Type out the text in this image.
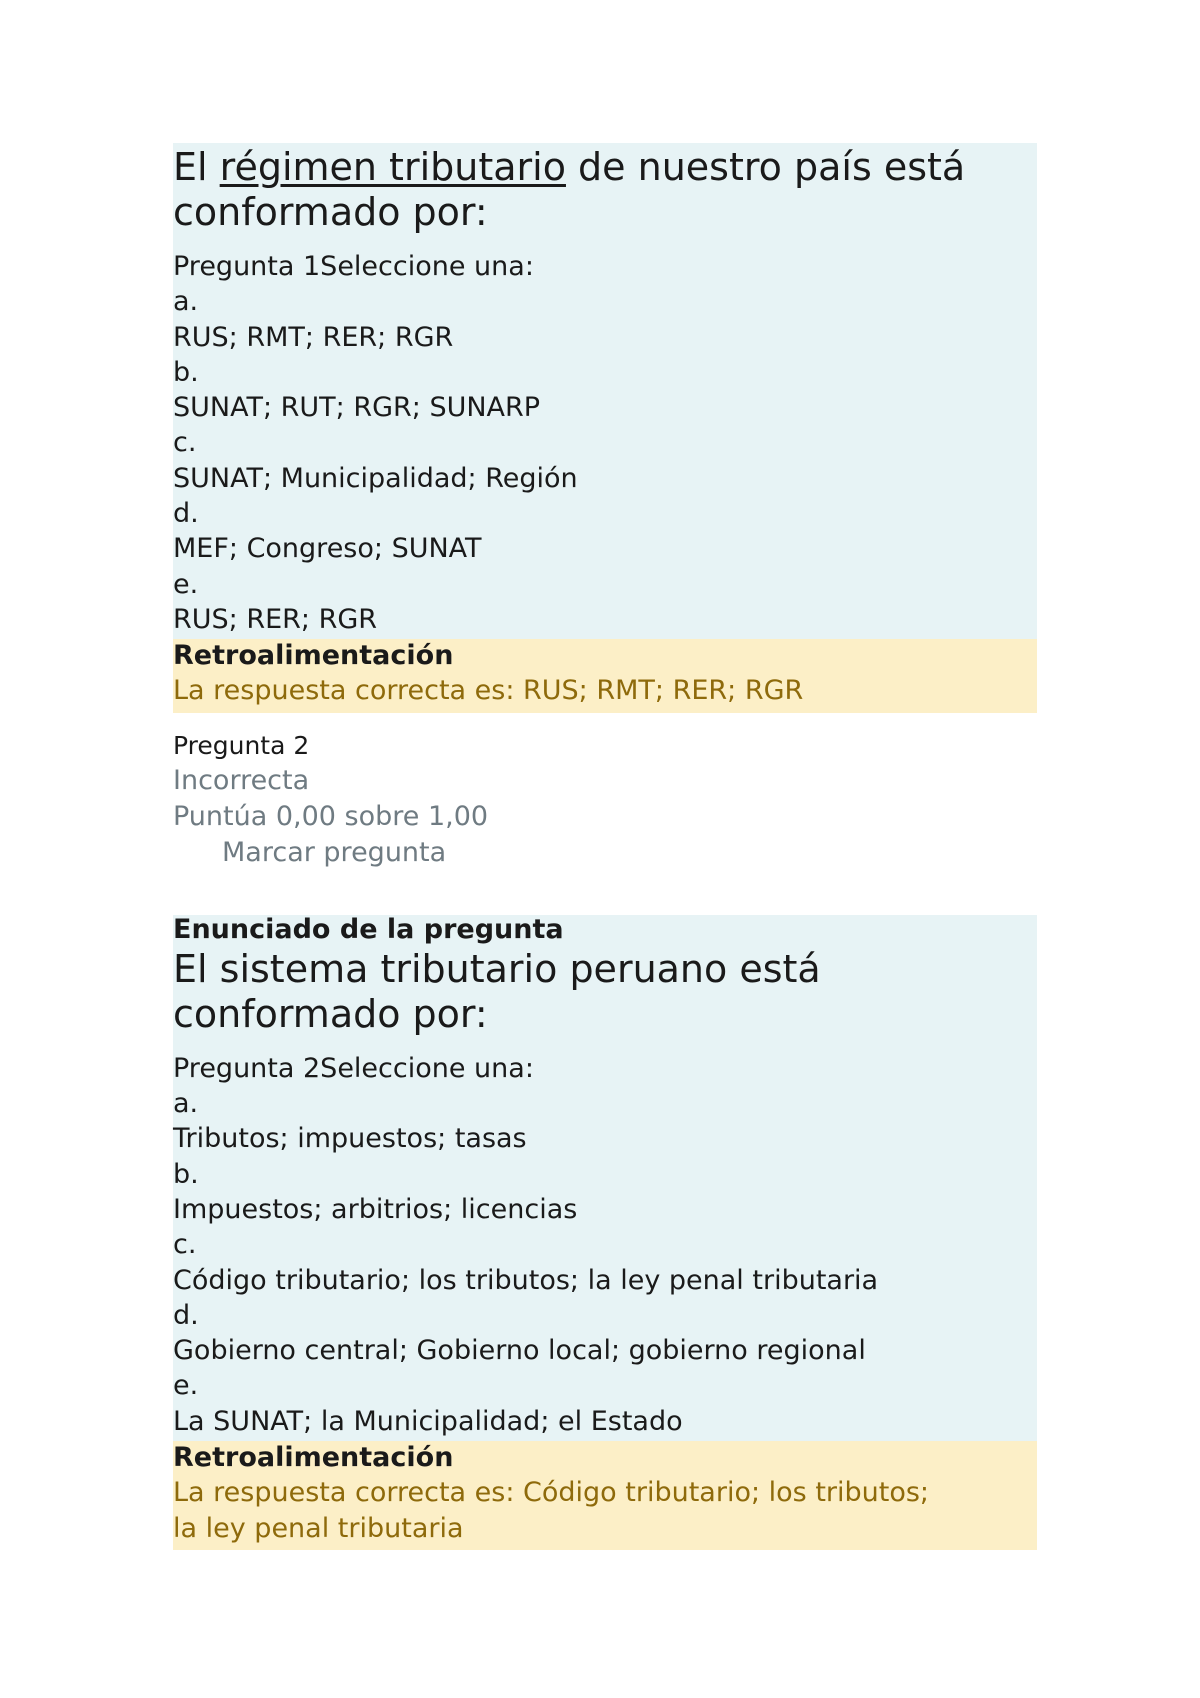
El régimen tributario de nuestro país está conformado por:
Pregunta 1Seleccione una:
a.
RUS; RMT; RER; RGR
b.
SUNAT; RUT; RGR; SUNARP
c.
SUNAT; Municipalidad; Región
d.
MEF; Congreso; SUNAT
e.
RUS; RER; RGR
Retroalimentación
La respuesta correcta es: RUS; RMT; RER; RGR
Pregunta 2
Incorrecta
Puntúa 0,00 sobre 1,00
Marcar pregunta
Enunciado de la pregunta
El sistema tributario peruano está conformado por:
Pregunta 2Seleccione una:
a.
Tributos; impuestos; tasas
b.
Impuestos; arbitrios; licencias
c.
Código tributario; los tributos; la ley penal tributaria
d.
Gobierno central; Gobierno local; gobierno regional
e.
La SUNAT; la Municipalidad; el Estado
Retroalimentación
La respuesta correcta es: Código tributario; los tributos;
la ley penal tributaria
